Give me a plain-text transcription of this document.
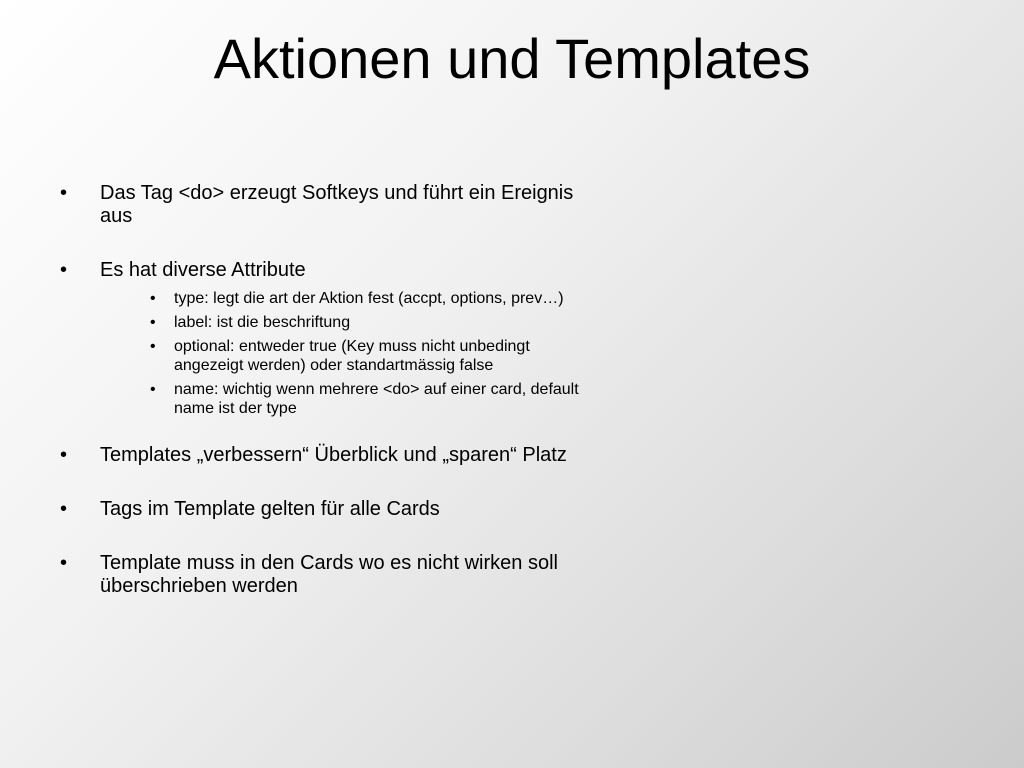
Aktionen und Templates
• Das Tag <do> erzeugt Softkeys und führt ein Ereignis aus
• Es hat diverse Attribute
• type: legt die art der Aktion fest (accpt, options, prev…)
• label: ist die beschriftung
• optional: entweder true (Key muss nicht unbedingt angezeigt werden) oder standartmässig false
• name: wichtig wenn mehrere <do> auf einer card, default name ist der type
• Templates „verbessern“ Überblick und „sparen“ Platz
• Tags im Template gelten für alle Cards
• Template muss in den Cards wo es nicht wirken soll überschrieben werden
